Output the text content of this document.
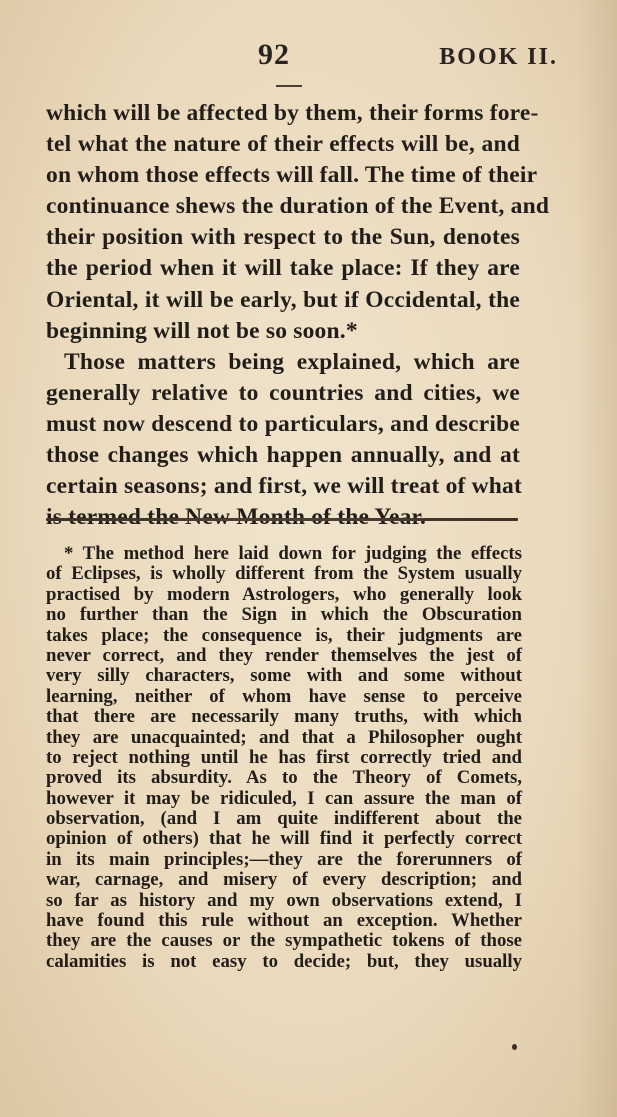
92	BOOK II.
which will be affected by them, their forms fore-
tel what the nature of their effects will be, and
on whom those effects will fall. The time of their
continuance shews the duration of the Event, and
their position with respect to the Sun, denotes
the period when it will take place: If they are
Oriental, it will be early, but if Occidental, the
beginning will not be so soon.*
Those matters being explained, which are
generally relative to countries and cities, we
must now descend to particulars, and describe
those changes which happen annually, and at
certain seasons; and first, we will treat of what
* The method here laid down for judging the effects
of Eclipses, is wholly different from the System usually
practised by modern Astrologers, who generally look
no further than the Sign in which the Obscuration
takes place; the consequence is, their judgments are
never correct, and they render themselves the jest of
very silly characters, some with and some without
learning, neither of whom have sense to perceive
that there are necessarily many truths, with which
they are unacquainted; and that a Philosopher ought
to reject nothing until he has first correctly tried and
proved its absurdity. As to the Theory of Comets,
however it may be ridiculed, I can assure the man of
observation, (and I am quite indifferent about the
opinion of others) that he will find it perfectly correct
in its main principles;—they are the forerunners of
war, carnage, and misery of every description; and
so far as history and my own observations extend, I
have found this rule without an exception. Whether
they are the causes or the sympathetic tokens of those
calamities is not easy to decide; but, they usually
